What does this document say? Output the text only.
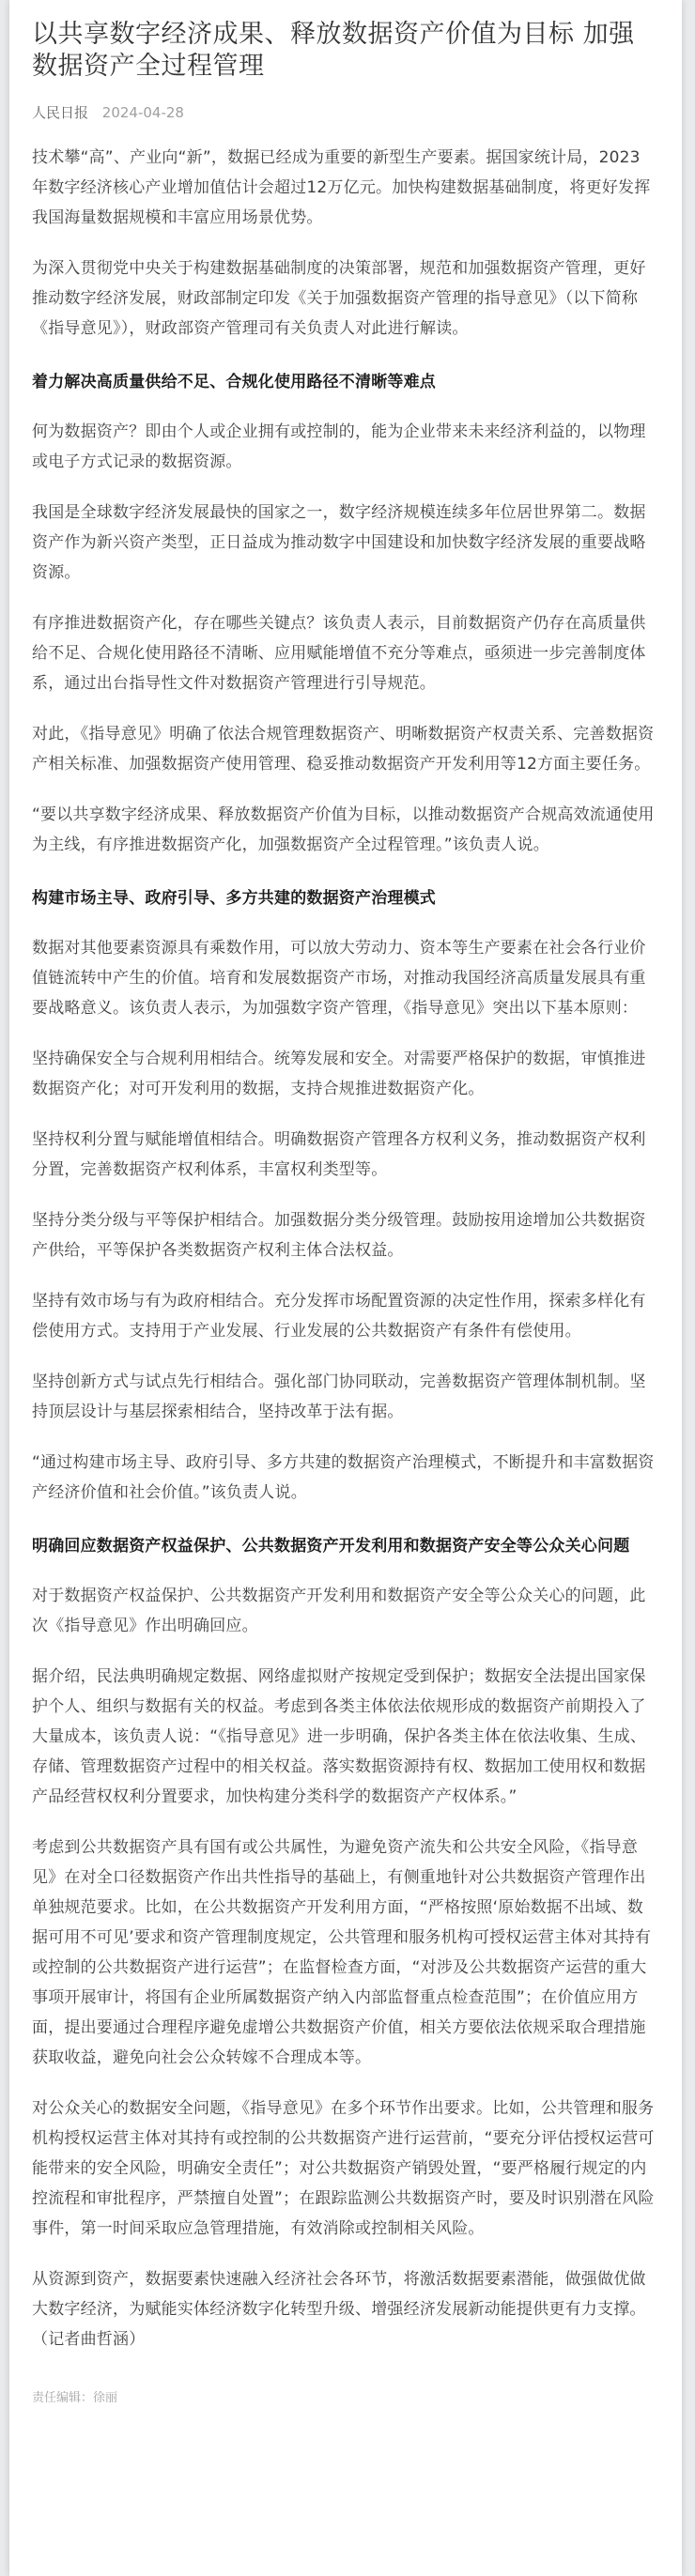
以共享数字经济成果、释放数据资产价值为目标 加强数据资产全过程管理
人民日报 2024-04-28

技术攀“高”、产业向“新”，数据已经成为重要的新型生产要素。据国家统计局，2023年数字经济核心产业增加值估计会超过12万亿元。加快构建数据基础制度，将更好发挥我国海量数据规模和丰富应用场景优势。

为深入贯彻党中央关于构建数据基础制度的决策部署，规范和加强数据资产管理，更好推动数字经济发展，财政部制定印发《关于加强数据资产管理的指导意见》（以下简称《指导意见》），财政部资产管理司有关负责人对此进行解读。

着力解决高质量供给不足、合规化使用路径不清晰等难点

何为数据资产？即由个人或企业拥有或控制的，能为企业带来未来经济利益的，以物理或电子方式记录的数据资源。

我国是全球数字经济发展最快的国家之一，数字经济规模连续多年位居世界第二。数据资产作为新兴资产类型，正日益成为推动数字中国建设和加快数字经济发展的重要战略资源。

有序推进数据资产化，存在哪些关键点？该负责人表示，目前数据资产仍存在高质量供给不足、合规化使用路径不清晰、应用赋能增值不充分等难点，亟须进一步完善制度体系，通过出台指导性文件对数据资产管理进行引导规范。

对此，《指导意见》明确了依法合规管理数据资产、明晰数据资产权责关系、完善数据资产相关标准、加强数据资产使用管理、稳妥推动数据资产开发利用等12方面主要任务。

“要以共享数字经济成果、释放数据资产价值为目标，以推动数据资产合规高效流通使用为主线，有序推进数据资产化，加强数据资产全过程管理。”该负责人说。

构建市场主导、政府引导、多方共建的数据资产治理模式

数据对其他要素资源具有乘数作用，可以放大劳动力、资本等生产要素在社会各行业价值链流转中产生的价值。培育和发展数据资产市场，对推动我国经济高质量发展具有重要战略意义。该负责人表示，为加强数字资产管理，《指导意见》突出以下基本原则：

坚持确保安全与合规利用相结合。统筹发展和安全。对需要严格保护的数据，审慎推进数据资产化；对可开发利用的数据，支持合规推进数据资产化。

坚持权利分置与赋能增值相结合。明确数据资产管理各方权利义务，推动数据资产权利分置，完善数据资产权利体系，丰富权利类型等。

坚持分类分级与平等保护相结合。加强数据分类分级管理。鼓励按用途增加公共数据资产供给，平等保护各类数据资产权利主体合法权益。

坚持有效市场与有为政府相结合。充分发挥市场配置资源的决定性作用，探索多样化有偿使用方式。支持用于产业发展、行业发展的公共数据资产有条件有偿使用。

坚持创新方式与试点先行相结合。强化部门协同联动，完善数据资产管理体制机制。坚持顶层设计与基层探索相结合，坚持改革于法有据。

“通过构建市场主导、政府引导、多方共建的数据资产治理模式，不断提升和丰富数据资产经济价值和社会价值。”该负责人说。

明确回应数据资产权益保护、公共数据资产开发利用和数据资产安全等公众关心问题

对于数据资产权益保护、公共数据资产开发利用和数据资产安全等公众关心的问题，此次《指导意见》作出明确回应。

据介绍，民法典明确规定数据、网络虚拟财产按规定受到保护；数据安全法提出国家保护个人、组织与数据有关的权益。考虑到各类主体依法依规形成的数据资产前期投入了大量成本，该负责人说：“《指导意见》进一步明确，保护各类主体在依法收集、生成、存储、管理数据资产过程中的相关权益。落实数据资源持有权、数据加工使用权和数据产品经营权权利分置要求，加快构建分类科学的数据资产产权体系。”

考虑到公共数据资产具有国有或公共属性，为避免资产流失和公共安全风险，《指导意见》在对全口径数据资产作出共性指导的基础上，有侧重地针对公共数据资产管理作出单独规范要求。比如，在公共数据资产开发利用方面，“严格按照‘原始数据不出域、数据可用不可见’要求和资产管理制度规定，公共管理和服务机构可授权运营主体对其持有或控制的公共数据资产进行运营”；在监督检查方面，“对涉及公共数据资产运营的重大事项开展审计，将国有企业所属数据资产纳入内部监督重点检查范围”；在价值应用方面，提出要通过合理程序避免虚增公共数据资产价值，相关方要依法依规采取合理措施获取收益，避免向社会公众转嫁不合理成本等。

对公众关心的数据安全问题，《指导意见》在多个环节作出要求。比如，公共管理和服务机构授权运营主体对其持有或控制的公共数据资产进行运营前，“要充分评估授权运营可能带来的安全风险，明确安全责任”；对公共数据资产销毁处置，“要严格履行规定的内控流程和审批程序，严禁擅自处置”；在跟踪监测公共数据资产时，要及时识别潜在风险事件，第一时间采取应急管理措施，有效消除或控制相关风险。

从资源到资产，数据要素快速融入经济社会各环节，将激活数据要素潜能，做强做优做大数字经济，为赋能实体经济数字化转型升级、增强经济发展新动能提供更有力支撑。（记者曲哲涵）

责任编辑：徐丽
